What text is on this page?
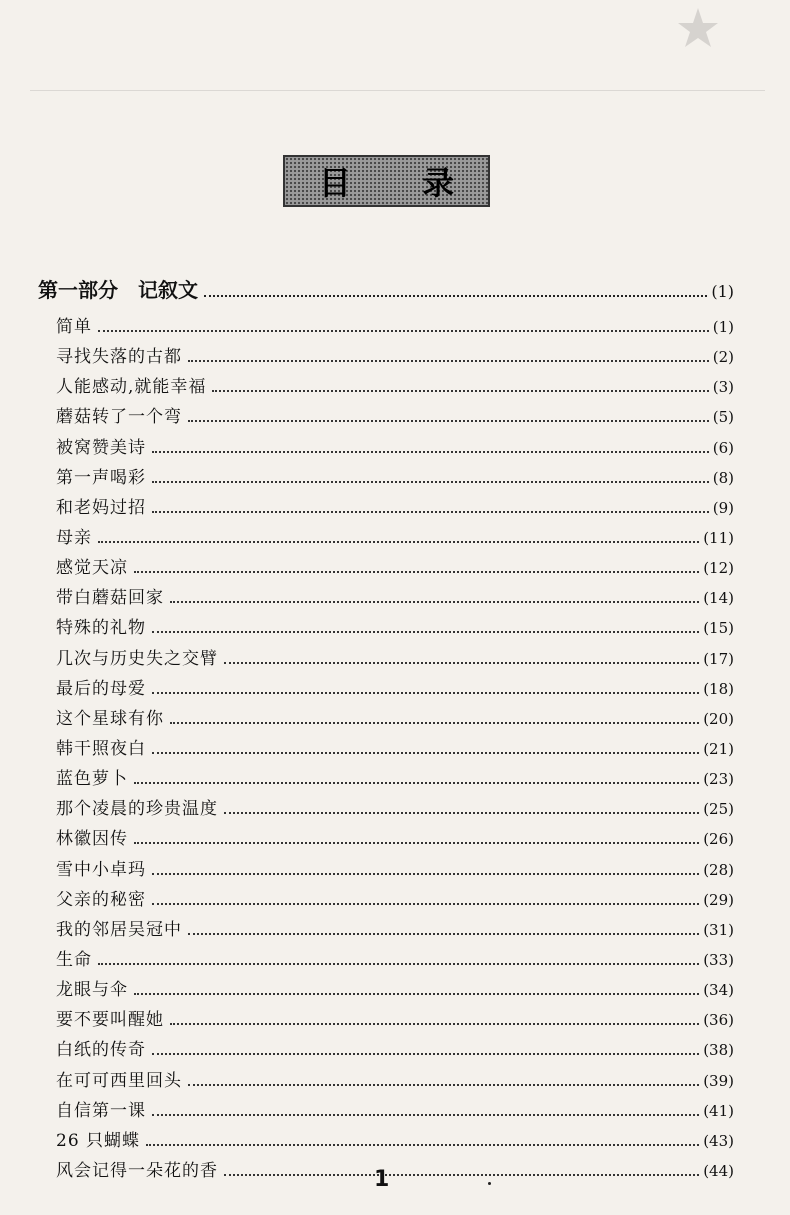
目 录
第一部分　记叙文	(1)
简单	(1)
寻找失落的古都	(2)
人能感动,就能幸福	(3)
蘑菇转了一个弯	(5)
被窝赞美诗	(6)
第一声喝彩	(8)
和老妈过招	(9)
母亲	(11)
感觉天凉	(12)
带白蘑菇回家	(14)
特殊的礼物	(15)
几次与历史失之交臂	(17)
最后的母爱	(18)
这个星球有你	(20)
韩干照夜白	(21)
蓝色萝卜	(23)
那个凌晨的珍贵温度	(25)
林徽因传	(26)
雪中小卓玛	(28)
父亲的秘密	(29)
我的邻居吴冠中	(31)
生命	(33)
龙眼与伞	(34)
要不要叫醒她	(36)
白纸的传奇	(38)
在可可西里回头	(39)
自信第一课	(41)
26 只蝴蝶	(43)
风会记得一朵花的香	(44)
1
